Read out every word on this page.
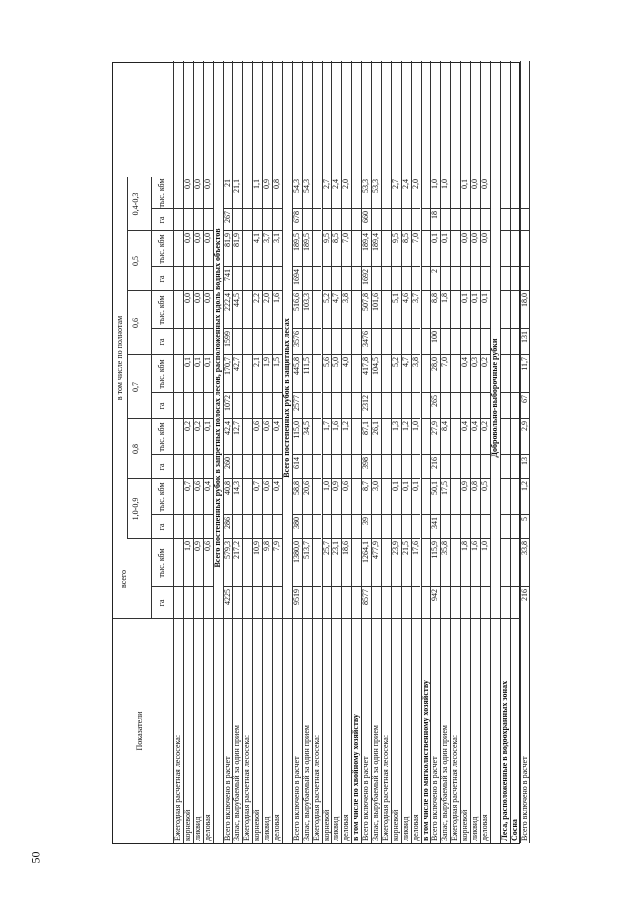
50
Показатели
всего
в том числе по полнотам
1,0-0,9
0,8
0,7
0,6
0,5
0,4-0,3
га
тыс. кбм
га
тыс. кбм
га
тыс. кбм
га
тыс. кбм
га
тыс. кбм
га
тыс. кбм
га
тыс. кбм
Ежегодная расчетная лесосека: корневой
1,0
0,7
0,2
0,1
0,0
0,0
0,0
ликвид
0,9
0,6
0,2
0,1
0,0
0,0
0,0
деловая
0,6
0,4
0,1
0,1
0,0
0,0
0,0
Всего постепенных рубок в запретных полосах лесов, расположенных вдоль водных объектов
Всего включено в расчет
4225
579,3
286
40,8
260
42,4
1072
170,7
1599
222,4
741
81,9
267
21
Запас, вырубаемый за один прием
217,2
14,3
12,7
42,7
44,5
81,9
21,1
Ежегодная расчетная лесосека: корневой
10,9
0,7
0,6
2,1
2,2
4,1
1,1
ликвид
9,8
0,6
0,6
1,9
2,0
3,7
0,9
деловая
7,9
0,4
0,4
1,5
1,6
3,1
0,8
Всего постепенных рубок в защитных лесах
Всего включено в расчет
9519
1380,0
380
58,8
614
115,0
2577
445,8
3576
516,6
1694
189,5
678
54,3
Запас, вырубаемый за один прием
513,7
20,6
34,5
111,5
103,3
189,5
54,3
Ежегодная расчетная лесосека: корневой
25,7
1,0
1,7
5,6
5,2
9,5
2,7
ликвид
23,1
0,9
1,6
5,0
4,7
8,5
2,4
деловая
18,6
0,6
1,2
4,0
3,8
7,0
2,0
в том числе по хвойному хозяйству Всего включено в расчет
8577
1264,1
39
8,7
398
87,1
2312
417,8
3476
507,8
1692
189,4
660
53,3
Запас, вырубаемый за один прием
477,9
3,0
26,1
104,5
101,6
189,4
53,3
Ежегодная расчетная лесосека: корневой
23,9
0,1
1,3
5,2
5,1
9,5
2,7
ликвид
21,5
0,1
1,2
4,7
4,6
8,5
2,4
деловая
17,6
0,1
1,0
3,8
3,7
7,0
2,0
в том числе по мягколиственному хозяйству Всего включено в расчет
942
115,9
341
50,1
216
27,9
265
28,0
100
8,8
2
0,1
18
1,0
Запас, вырубаемый за один прием
35,8
17,5
8,4
7,0
1,8
0,1
1,0
Ежегодная расчетная лесосека: корневой
1,8
0,9
0,4
0,4
0,1
0,0
0,1
ликвид
1,6
0,8
0,4
0,3
0,1
0,0
0,0
деловая
1,0
0,5
0,2
0,2
0,1
0,0
0,0
Добровольно-выборочные рубки
Леса, расположенные в водоохранных зонах Сосна Всего включено в расчет
216
33,8
5
1,2
13
2,9
67
11,7
131
18,0
